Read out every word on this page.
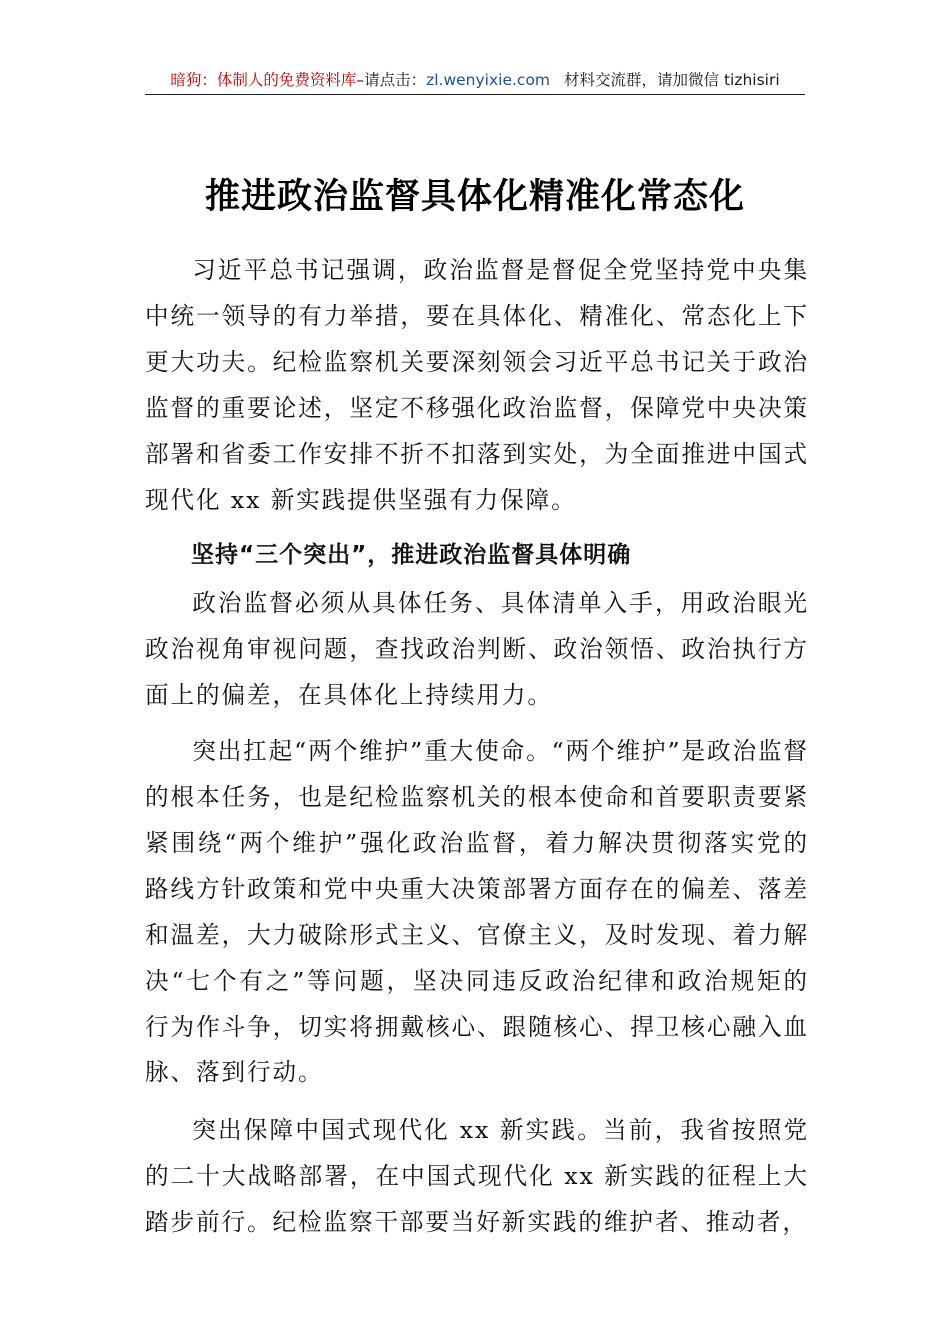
暗狗：体制人的免费资料库–请点击：zl.wenyixie.com 材料交流群，请加微信 tizhisiri
推进政治监督具体化精准化常态化

习近平总书记强调，政治监督是督促全党坚持党中央集中统一领导的有力举措，要在具体化、精准化、常态化上下更大功夫。纪检监察机关要深刻领会习近平总书记关于政治监督的重要论述，坚定不移强化政治监督，保障党中央决策部署和省委工作安排不折不扣落到实处，为全面推进中国式现代化 xx 新实践提供坚强有力保障。

坚持“三个突出”，推进政治监督具体明确

政治监督必须从具体任务、具体清单入手，用政治眼光政治视角审视问题，查找政治判断、政治领悟、政治执行方面上的偏差，在具体化上持续用力。

突出扛起“两个维护”重大使命。“两个维护”是政治监督的根本任务，也是纪检监察机关的根本使命和首要职责要紧紧围绕“两个维护”强化政治监督，着力解决贯彻落实党的路线方针政策和党中央重大决策部署方面存在的偏差、落差和温差，大力破除形式主义、官僚主义，及时发现、着力解决“七个有之”等问题，坚决同违反政治纪律和政治规矩的行为作斗争，切实将拥戴核心、跟随核心、捍卫核心融入血脉、落到行动。

突出保障中国式现代化 xx 新实践。当前，我省按照党的二十大战略部署，在中国式现代化 xx 新实践的征程上大踏步前行。纪检监察干部要当好新实践的维护者、推动者，
